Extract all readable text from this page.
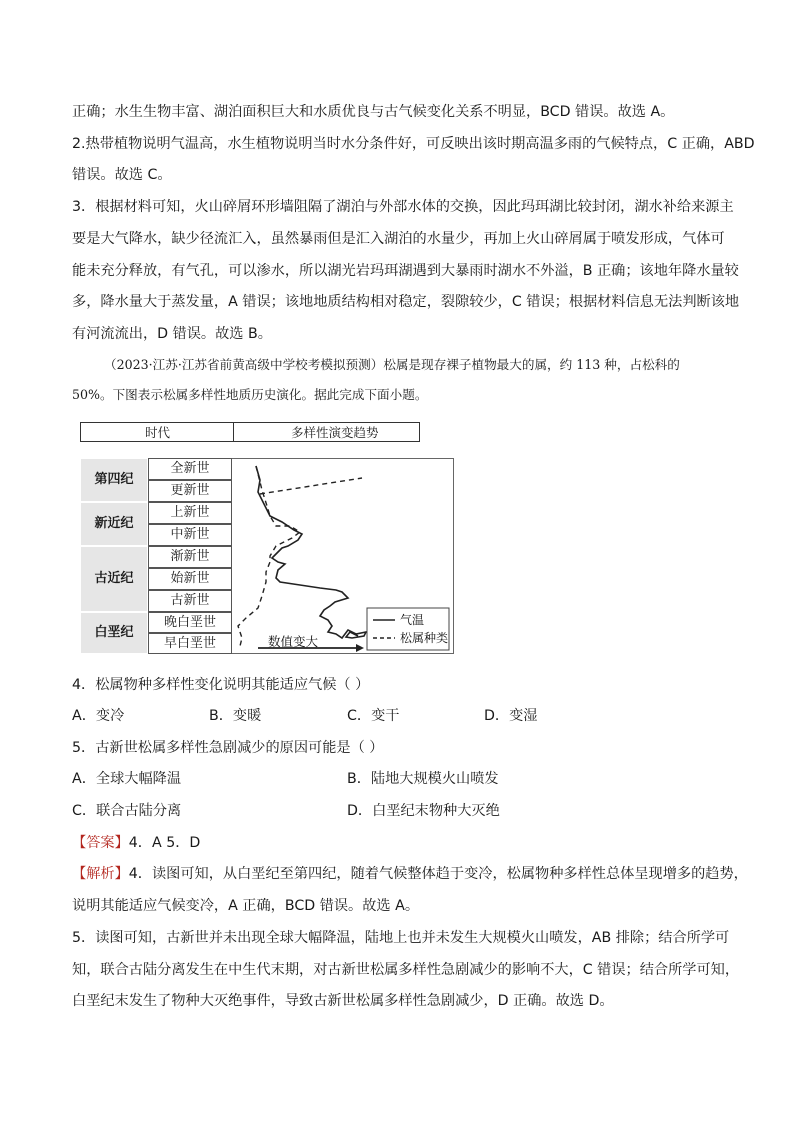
正确；水生生物丰富、湖泊面积巨大和水质优良与古气候变化关系不明显，BCD 错误。故选 A。
2.热带植物说明气温高，水生植物说明当时水分条件好，可反映出该时期高温多雨的气候特点，C 正确，ABD
错误。故选 C。
3．根据材料可知，火山碎屑环形墙阻隔了湖泊与外部水体的交换，因此玛珥湖比较封闭，湖水补给来源主
要是大气降水，缺少径流汇入，虽然暴雨但是汇入湖泊的水量少，再加上火山碎屑属于喷发形成，气体可
能未充分释放，有气孔，可以渗水，所以湖光岩玛珥湖遇到大暴雨时湖水不外溢，B 正确；该地年降水量较
多，降水量大于蒸发量，A 错误；该地地质结构相对稳定，裂隙较少，C 错误；根据材料信息无法判断该地
有河流流出，D 错误。故选 B。
（2023·江苏·江苏省前黄高级中学校考模拟预测）松属是现存裸子植物最大的属，约 113 种，占松科的
50%。下图表示松属多样性地质历史演化。据此完成下面小题。
时代	多样性演变趋势
第四纪
新近纪
古近纪
白垩纪
全新世
更新世
上新世
中新世
渐新世
始新世
古新世
晚白垩世
早白垩世	数值变大
气温
松属种类
4．松属物种多样性变化说明其能适应气候（ ）
A．变冷	B．变暖	C．变干	D．变湿
5．古新世松属多样性急剧减少的原因可能是（ ）
A．全球大幅降温	B．陆地大规模火山喷发
C．联合古陆分离	D．白垩纪末物种大灭绝
【答案】4．A 5．D
【解析】4．读图可知，从白垩纪至第四纪，随着气候整体趋于变冷，松属物种多样性总体呈现增多的趋势，
说明其能适应气候变冷，A 正确，BCD 错误。故选 A。
5．读图可知，古新世并未出现全球大幅降温，陆地上也并未发生大规模火山喷发，AB 排除；结合所学可
知，联合古陆分离发生在中生代末期，对古新世松属多样性急剧减少的影响不大，C 错误；结合所学可知，
白垩纪末发生了物种大灭绝事件，导致古新世松属多样性急剧减少，D 正确。故选 D。
